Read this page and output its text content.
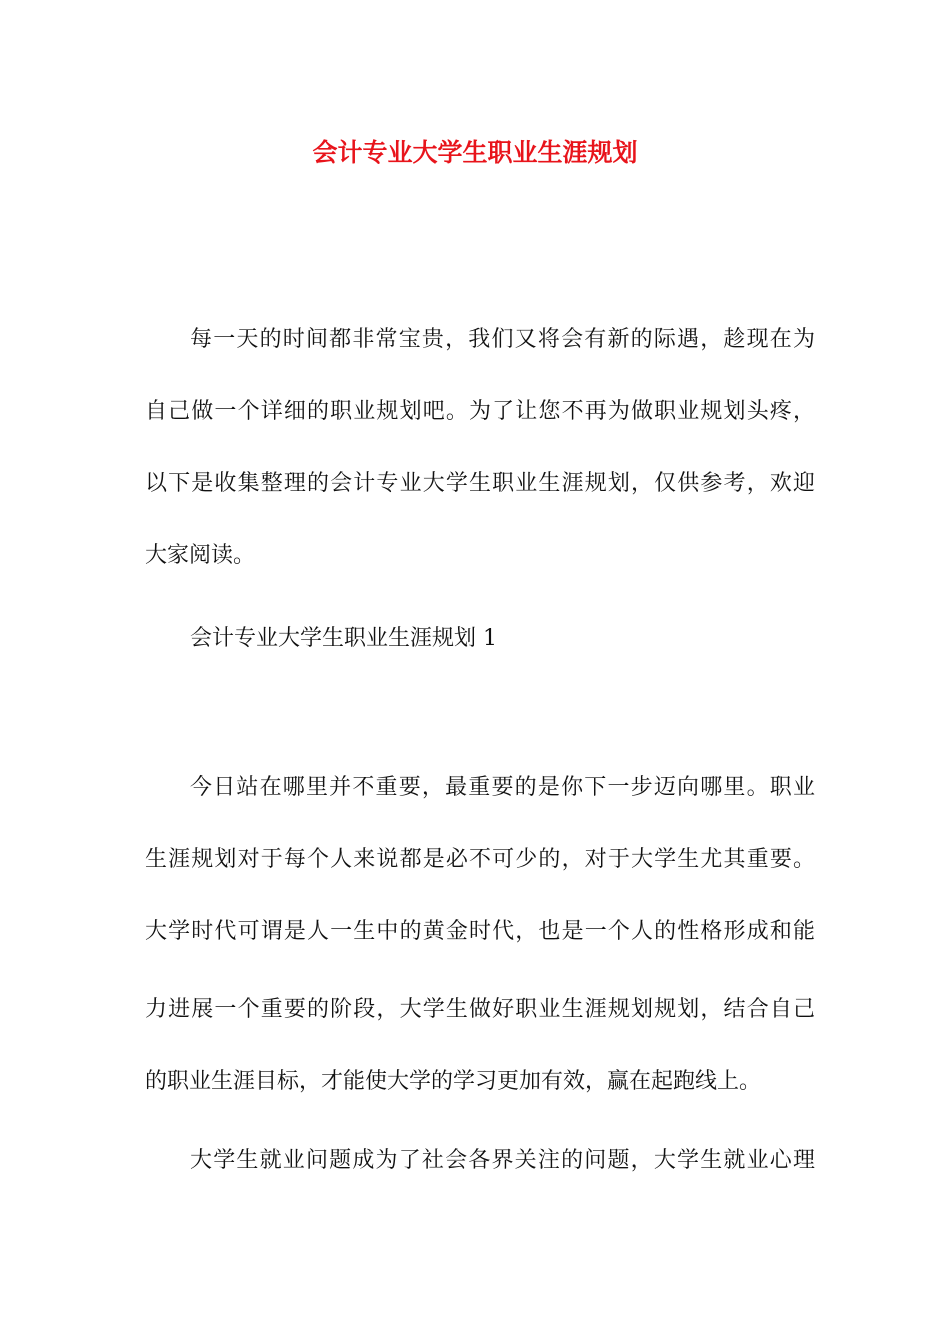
会计专业大学生职业生涯规划

每一天的时间都非常宝贵，我们又将会有新的际遇，趁现在为

自己做一个详细的职业规划吧。为了让您不再为做职业规划头疼，

以下是收集整理的会计专业大学生职业生涯规划，仅供参考，欢迎

大家阅读。

会计专业大学生职业生涯规划 1

今日站在哪里并不重要，最重要的是你下一步迈向哪里。职业

生涯规划对于每个人来说都是必不可少的，对于大学生尤其重要。

大学时代可谓是人一生中的黄金时代，也是一个人的性格形成和能

力进展一个重要的阶段，大学生做好职业生涯规划规划，结合自己

的职业生涯目标，才能使大学的学习更加有效，赢在起跑线上。

大学生就业问题成为了社会各界关注的问题，大学生就业心理
